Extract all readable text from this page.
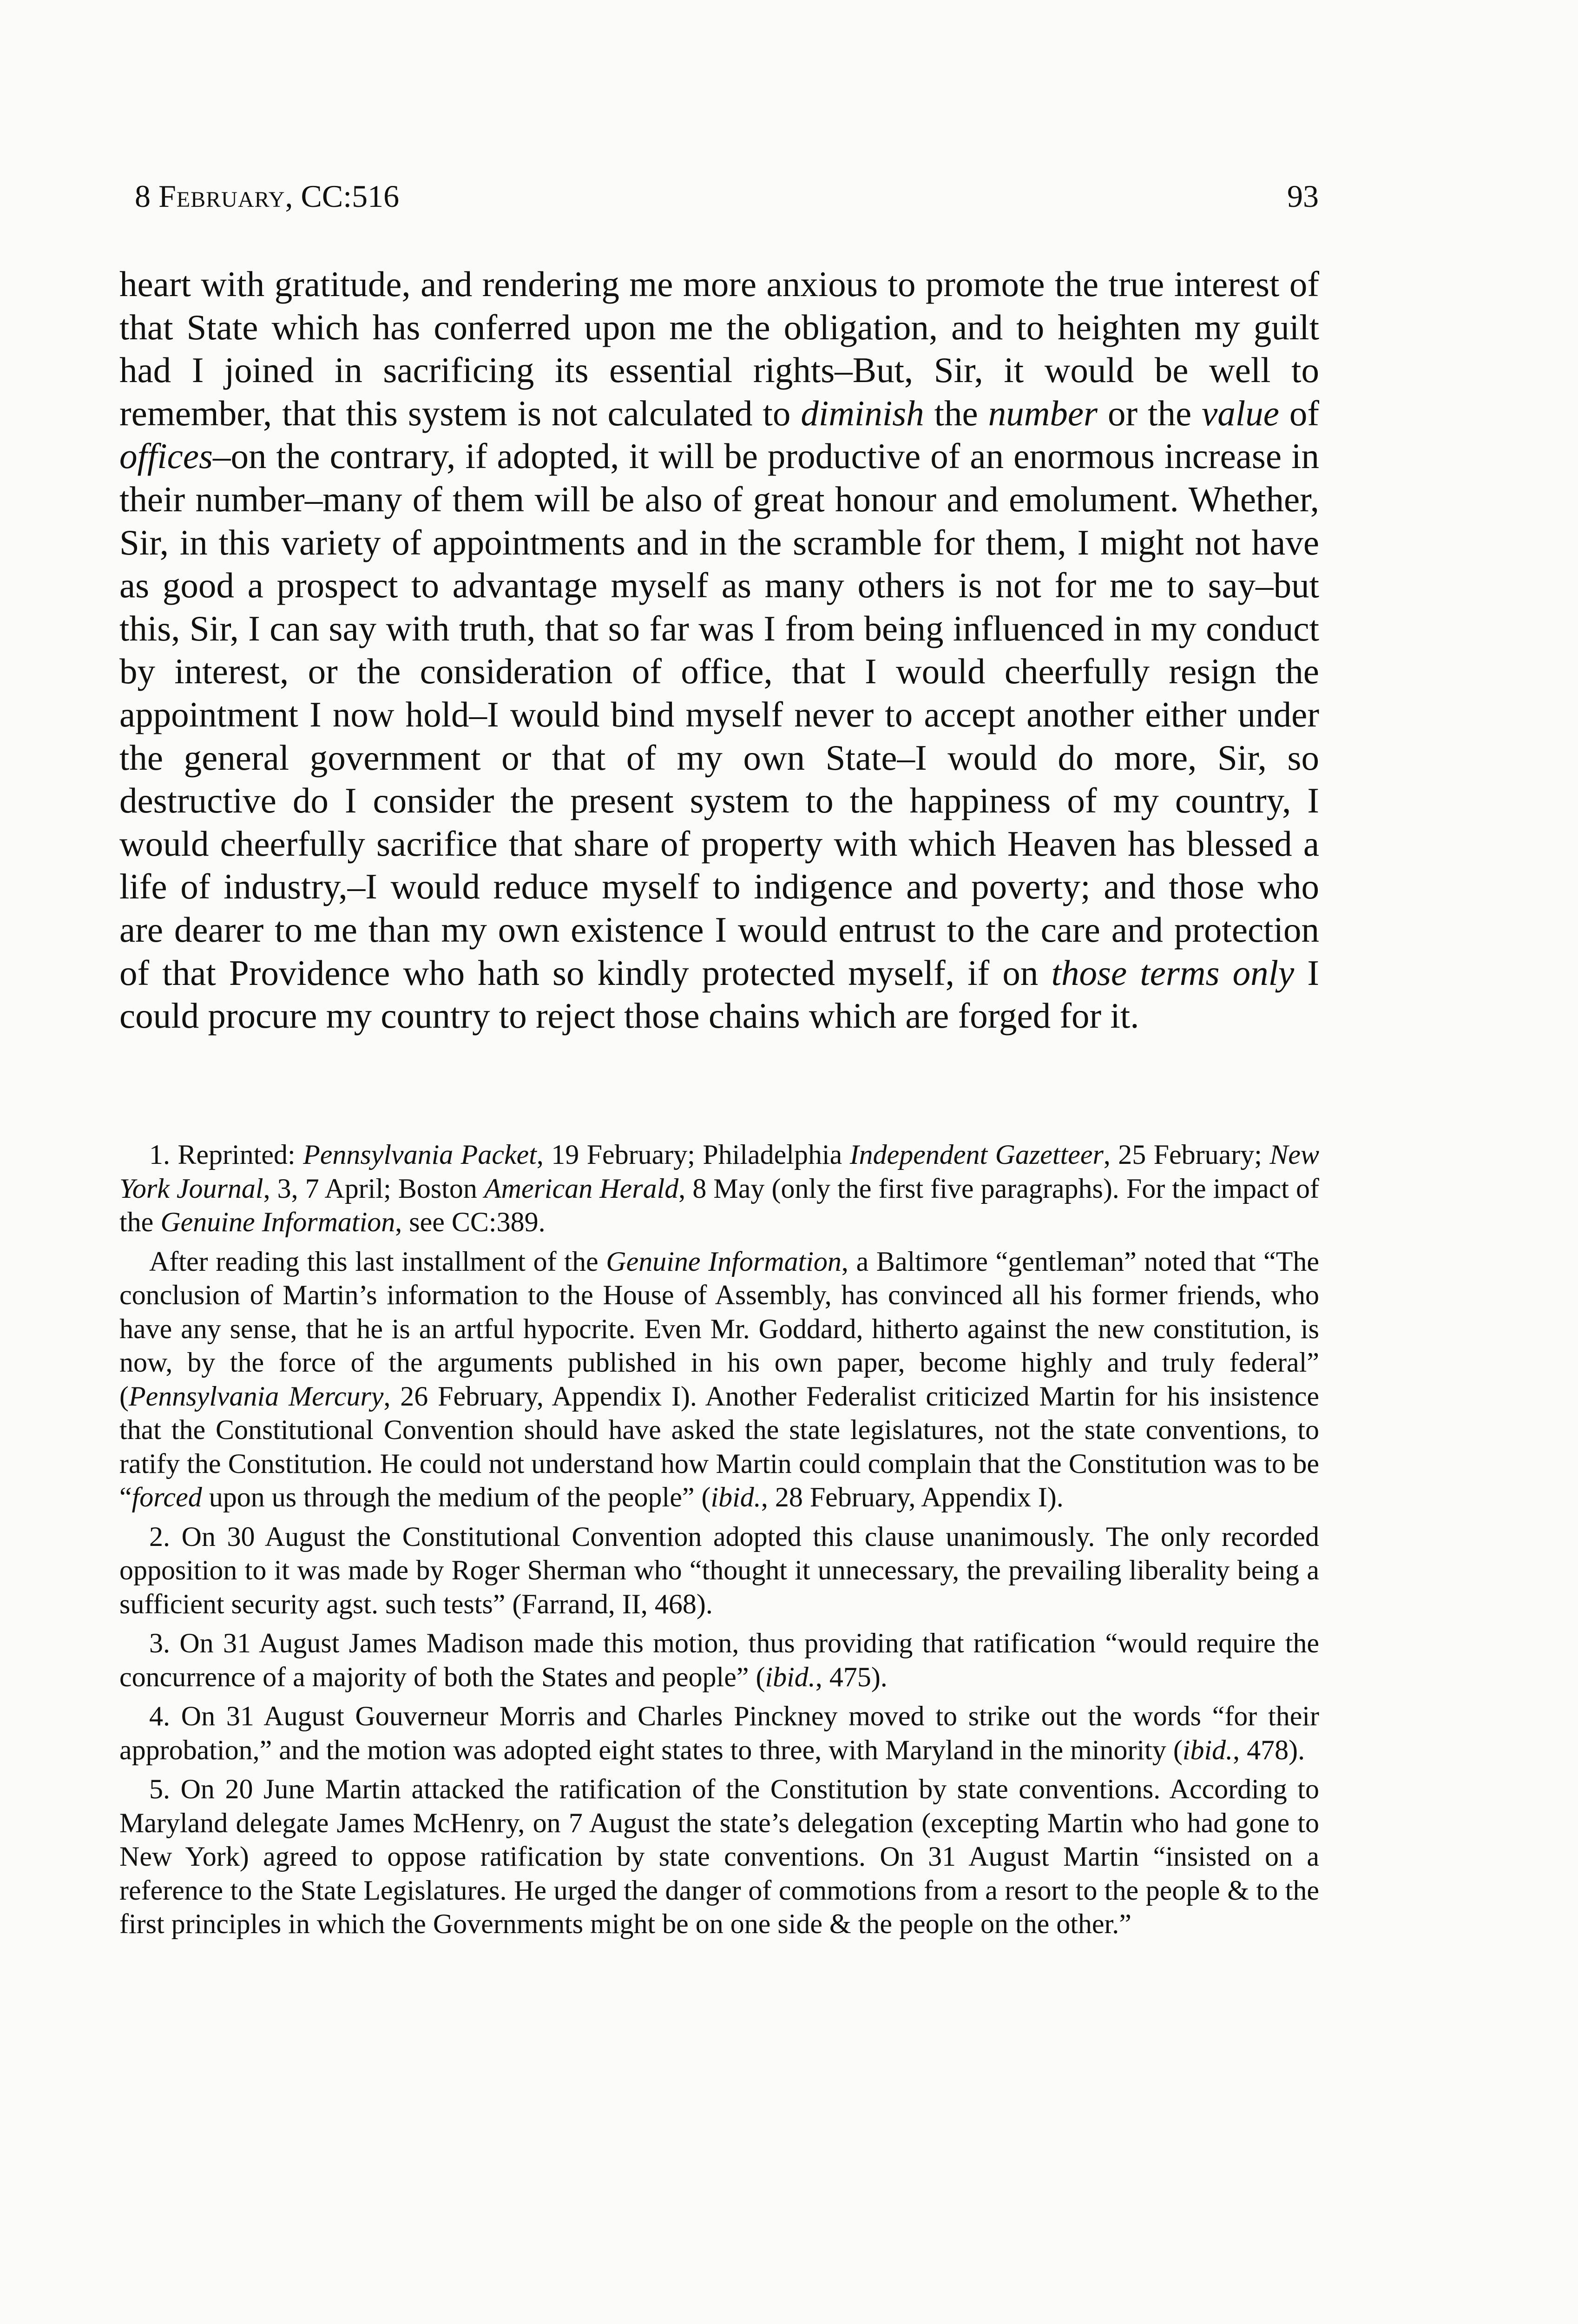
8 February, CC:516	93

heart with gratitude, and rendering me more anxious to promote the true interest of that State which has conferred upon me the obligation, and to heighten my guilt had I joined in sacrificing its essential rights–But, Sir, it would be well to remember, that this system is not calculated to diminish the number or the value of offices–on the contrary, if adopted, it will be productive of an enormous increase in their number–many of them will be also of great honour and emolument. Whether, Sir, in this variety of appointments and in the scramble for them, I might not have as good a prospect to advantage myself as many others is not for me to say–but this, Sir, I can say with truth, that so far was I from being influenced in my conduct by interest, or the consideration of office, that I would cheerfully resign the appointment I now hold–I would bind myself never to accept another either under the general government or that of my own State–I would do more, Sir, so destructive do I consider the present system to the happiness of my country, I would cheerfully sacrifice that share of property with which Heaven has blessed a life of industry,–I would reduce myself to indigence and poverty; and those who are dearer to me than my own existence I would entrust to the care and protection of that Providence who hath so kindly protected myself, if on those terms only I could procure my country to reject those chains which are forged for it.

1. Reprinted: Pennsylvania Packet, 19 February; Philadelphia Independent Gazetteer, 25 February; New York Journal, 3, 7 April; Boston American Herald, 8 May (only the first five paragraphs). For the impact of the Genuine Information, see CC:389.

After reading this last installment of the Genuine Information, a Baltimore “gentleman” noted that “The conclusion of Martin’s information to the House of Assembly, has convinced all his former friends, who have any sense, that he is an artful hypocrite. Even Mr. Goddard, hitherto against the new constitution, is now, by the force of the arguments published in his own paper, become highly and truly federal” (Pennsylvania Mercury, 26 February, Appendix I). Another Federalist criticized Martin for his insistence that the Constitutional Convention should have asked the state legislatures, not the state conventions, to ratify the Constitution. He could not understand how Martin could complain that the Constitution was to be “forced upon us through the medium of the people” (ibid., 28 February, Appendix I).

2. On 30 August the Constitutional Convention adopted this clause unanimously. The only recorded opposition to it was made by Roger Sherman who “thought it unnecessary, the prevailing liberality being a sufficient security agst. such tests” (Farrand, II, 468).

3. On 31 August James Madison made this motion, thus providing that ratification “would require the concurrence of a majority of both the States and people” (ibid., 475).

4. On 31 August Gouverneur Morris and Charles Pinckney moved to strike out the words “for their approbation,” and the motion was adopted eight states to three, with Maryland in the minority (ibid., 478).

5. On 20 June Martin attacked the ratification of the Constitution by state conventions. According to Maryland delegate James McHenry, on 7 August the state’s delegation (excepting Martin who had gone to New York) agreed to oppose ratification by state conventions. On 31 August Martin “insisted on a reference to the State Legislatures. He urged the danger of commotions from a resort to the people & to the first principles in which the Governments might be on one side & the people on the other.”
